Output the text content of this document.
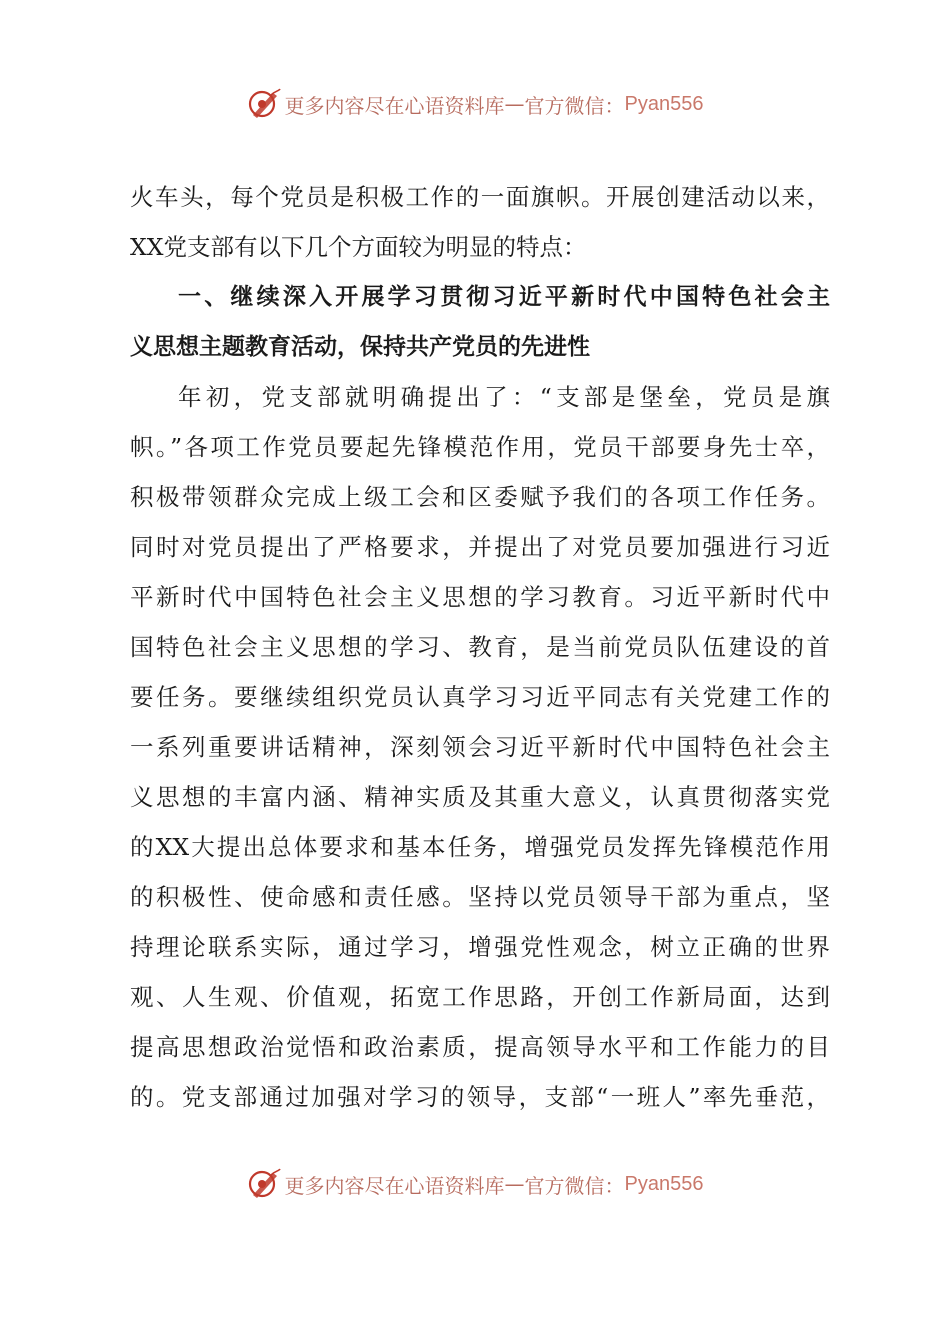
更多内容尽在心语资料库 — 官方微信： Pyan556
火车头，每个党员是积极工作的一面旗帜。开展创建活动以来，
XX党支部有以下几个方面较为明显的特点：
一、继续深入开展学习贯彻习近平新时代中国特色社会主
义思想主题教育活动，保持共产党员的先进性
年初，党支部就明确提出了：“支部是堡垒，党员是旗
帜。”各项工作党员要起先锋模范作用，党员干部要身先士卒，
积极带领群众完成上级工会和区委赋予我们的各项工作任务。
同时对党员提出了严格要求，并提出了对党员要加强进行习近
平新时代中国特色社会主义思想的学习教育。习近平新时代中
国特色社会主义思想的学习、教育，是当前党员队伍建设的首
要任务。要继续组织党员认真学习习近平同志有关党建工作的
一系列重要讲话精神，深刻领会习近平新时代中国特色社会主
义思想的丰富内涵、精神实质及其重大意义，认真贯彻落实党
的XX大提出总体要求和基本任务，增强党员发挥先锋模范作用
的积极性、使命感和责任感。坚持以党员领导干部为重点，坚
持理论联系实际，通过学习，增强党性观念，树立正确的世界
观、人生观、价值观，拓宽工作思路，开创工作新局面，达到
提高思想政治觉悟和政治素质，提高领导水平和工作能力的目
的。党支部通过加强对学习的领导，支部“一班人”率先垂范，
更多内容尽在心语资料库 — 官方微信： Pyan556
